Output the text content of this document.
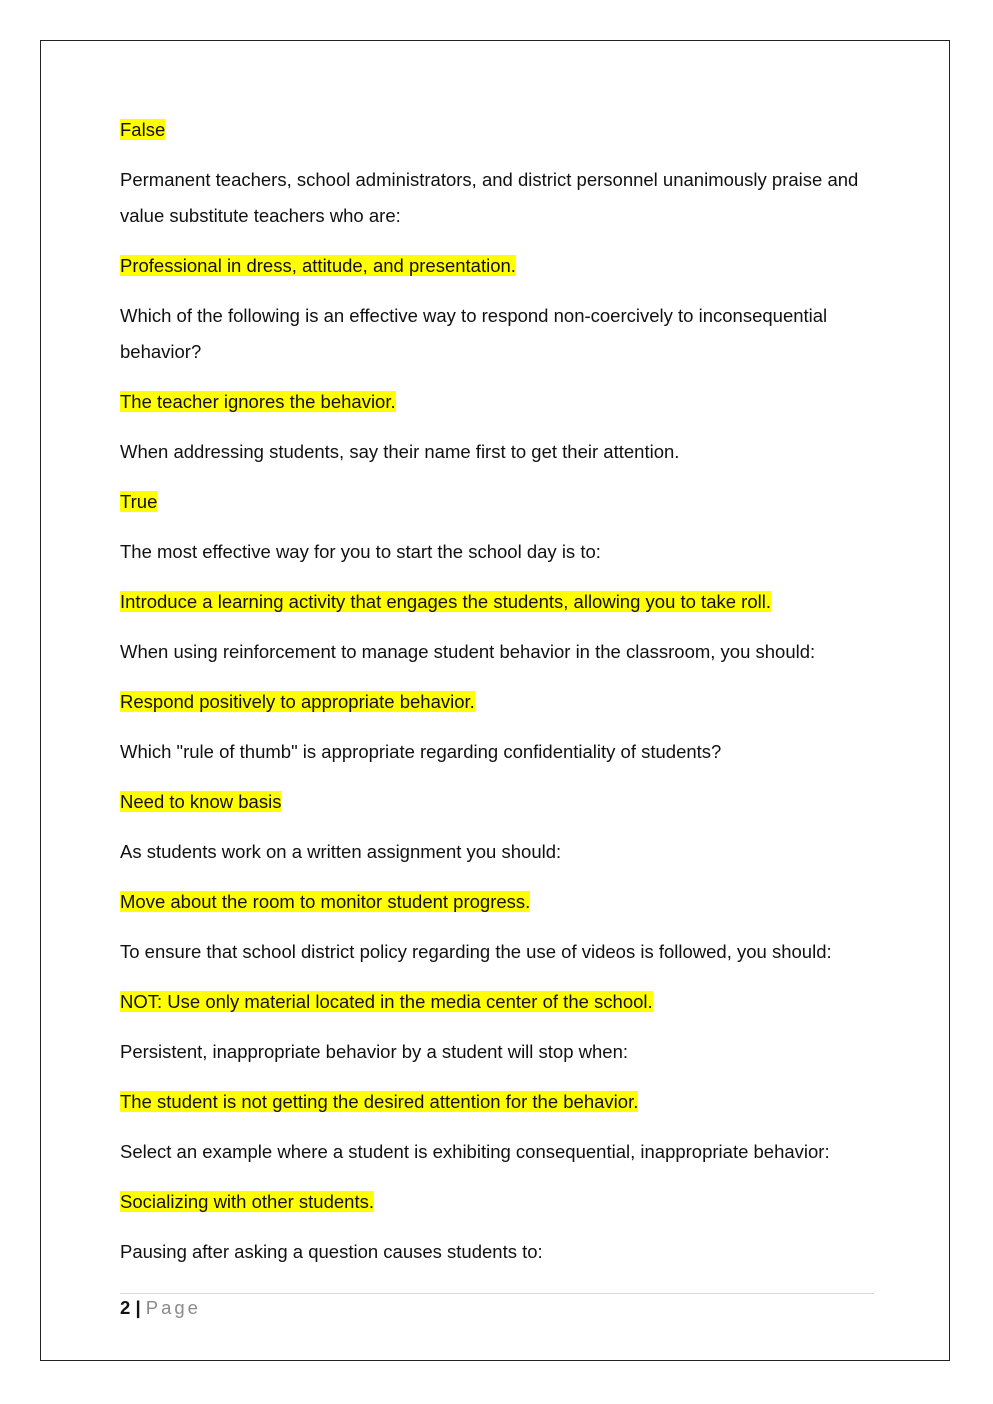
False

Permanent teachers, school administrators, and district personnel unanimously praise and value substitute teachers who are:

Professional in dress, attitude, and presentation.

Which of the following is an effective way to respond non-coercively to inconsequential behavior?

The teacher ignores the behavior.

When addressing students, say their name first to get their attention.

True

The most effective way for you to start the school day is to:

Introduce a learning activity that engages the students, allowing you to take roll.

When using reinforcement to manage student behavior in the classroom, you should:

Respond positively to appropriate behavior.

Which "rule of thumb" is appropriate regarding confidentiality of students?

Need to know basis

As students work on a written assignment you should:

Move about the room to monitor student progress.

To ensure that school district policy regarding the use of videos is followed, you should:

NOT: Use only material located in the media center of the school.

Persistent, inappropriate behavior by a student will stop when:

The student is not getting the desired attention for the behavior.

Select an example where a student is exhibiting consequential, inappropriate behavior:

Socializing with other students.

Pausing after asking a question causes students to:

2 | Page
